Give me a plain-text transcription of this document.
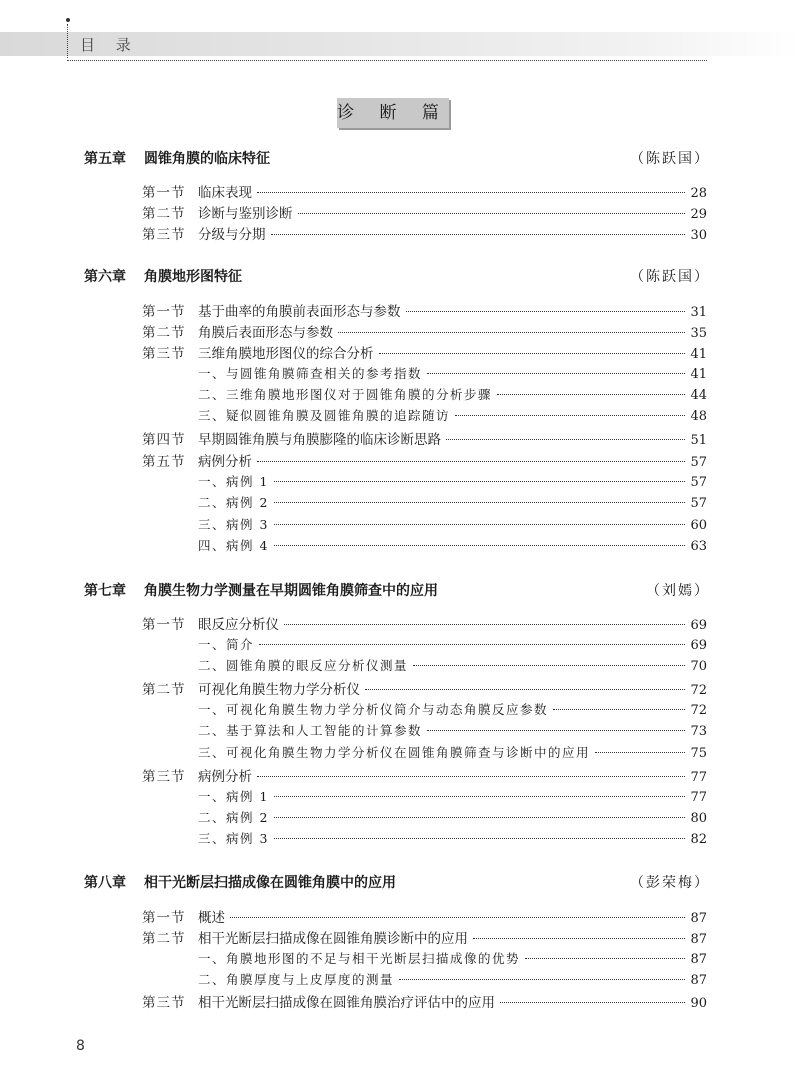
目 录
诊 断 篇
第五章	圆锥角膜的临床特征	（陈跃国）
第一节 临床表现	28
第二节 诊断与鉴别诊断	29
第三节 分级与分期	30
第六章	角膜地形图特征	（陈跃国）
第一节 基于曲率的角膜前表面形态与参数	31
第二节 角膜后表面形态与参数	35
第三节 三维角膜地形图仪的综合分析	41
一、与圆锥角膜筛查相关的参考指数	41
二、三维角膜地形图仪对于圆锥角膜的分析步骤	44
三、疑似圆锥角膜及圆锥角膜的追踪随访	48
第四节 早期圆锥角膜与角膜膨隆的临床诊断思路	51
第五节 病例分析	57
一、病例 1	57
二、病例 2	57
三、病例 3	60
四、病例 4	63
第七章	角膜生物力学测量在早期圆锥角膜筛查中的应用	（刘嫣）
第一节 眼反应分析仪	69
一、简介	69
二、圆锥角膜的眼反应分析仪测量	70
第二节 可视化角膜生物力学分析仪	72
一、可视化角膜生物力学分析仪简介与动态角膜反应参数	72
二、基于算法和人工智能的计算参数	73
三、可视化角膜生物力学分析仪在圆锥角膜筛查与诊断中的应用	75
第三节 病例分析	77
一、病例 1	77
二、病例 2	80
三、病例 3	82
第八章	相干光断层扫描成像在圆锥角膜中的应用	（彭荣梅）
第一节 概述	87
第二节 相干光断层扫描成像在圆锥角膜诊断中的应用	87
一、角膜地形图的不足与相干光断层扫描成像的优势	87
二、角膜厚度与上皮厚度的测量	87
第三节 相干光断层扫描成像在圆锥角膜治疗评估中的应用	90
8
